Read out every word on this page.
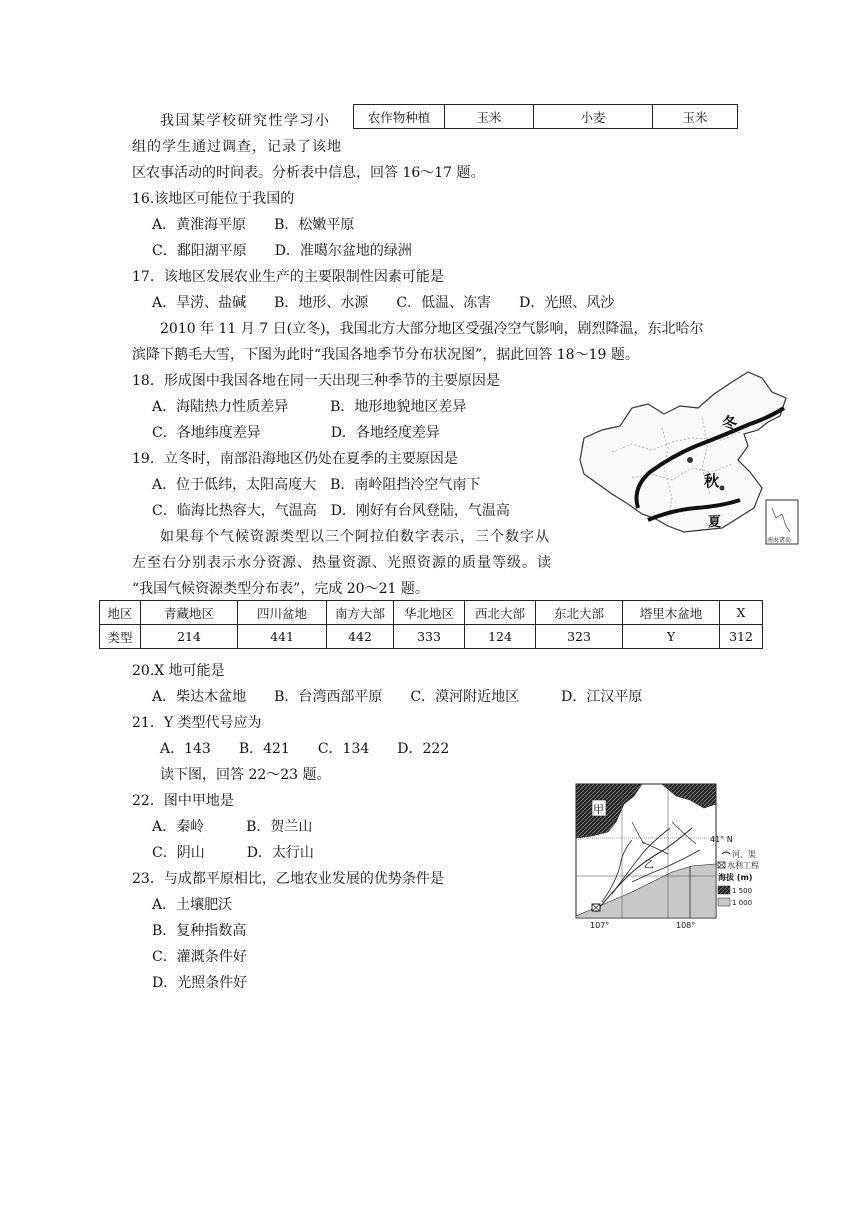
农作物种植	玉米	小麦	玉米
我国某学校研究性学习小
组的学生通过调查，记录了该地
区农事活动的时间表。分析表中信息，回答 16～17 题。
16.该地区可能位于我国的
A．黄淮海平原　　B．松嫩平原
C．鄱阳湖平原　　D．准噶尔盆地的绿洲
17．该地区发展农业生产的主要限制性因素可能是
A．旱涝、盐碱　　B．地形、水源　　C．低温、冻害　　D．光照、风沙
2010 年 11 月 7 日(立冬)，我国北方大部分地区受强冷空气影响，剧烈降温，东北哈尔
滨降下鹅毛大雪，下图为此时“我国各地季节分布状况图”，据此回答 18～19 题。
18．形成图中我国各地在同一天出现三种季节的主要原因是
A．海陆热力性质差异　　　B．地形地貌地区差异
C．各地纬度差异　　　　　D．各地经度差异
19．立冬时，南部沿海地区仍处在夏季的主要原因是
A．位于低纬，太阳高度大　B．南岭阻挡冷空气南下
C．临海比热容大，气温高　D．刚好有台风登陆，气温高
冬
秋
夏
南海诸岛
如果每个气候资源类型以三个阿拉伯数字表示，三个数字从
左至右分别表示水分资源、热量资源、光照资源的质量等级。读
“我国气候资源类型分布表”，完成 20～21 题。
地区	青藏地区	四川盆地	南方大部	华北地区	西北大部	东北大部	塔里木盆地	X
类型	214	441	442	333	124	323	Y	312
20.X 地可能是
A．柴达木盆地　　B．台湾西部平原　　C．漠河附近地区　　　D．江汉平原
21．Y 类型代号应为
A．143　　B．421　　C．134　　D．222
读下图，回答 22～23 题。
22．图中甲地是
A．秦岭　　　B．贺兰山
C．阴山　　　D．太行山
23．与成都平原相比，乙地农业发展的优势条件是
A．土壤肥沃
B．复种指数高
C．灌溉条件好
D．光照条件好
甲
乙
41° N
河、渠
水利工程
海拔 (m)
1 500
1 000
107°	108°
